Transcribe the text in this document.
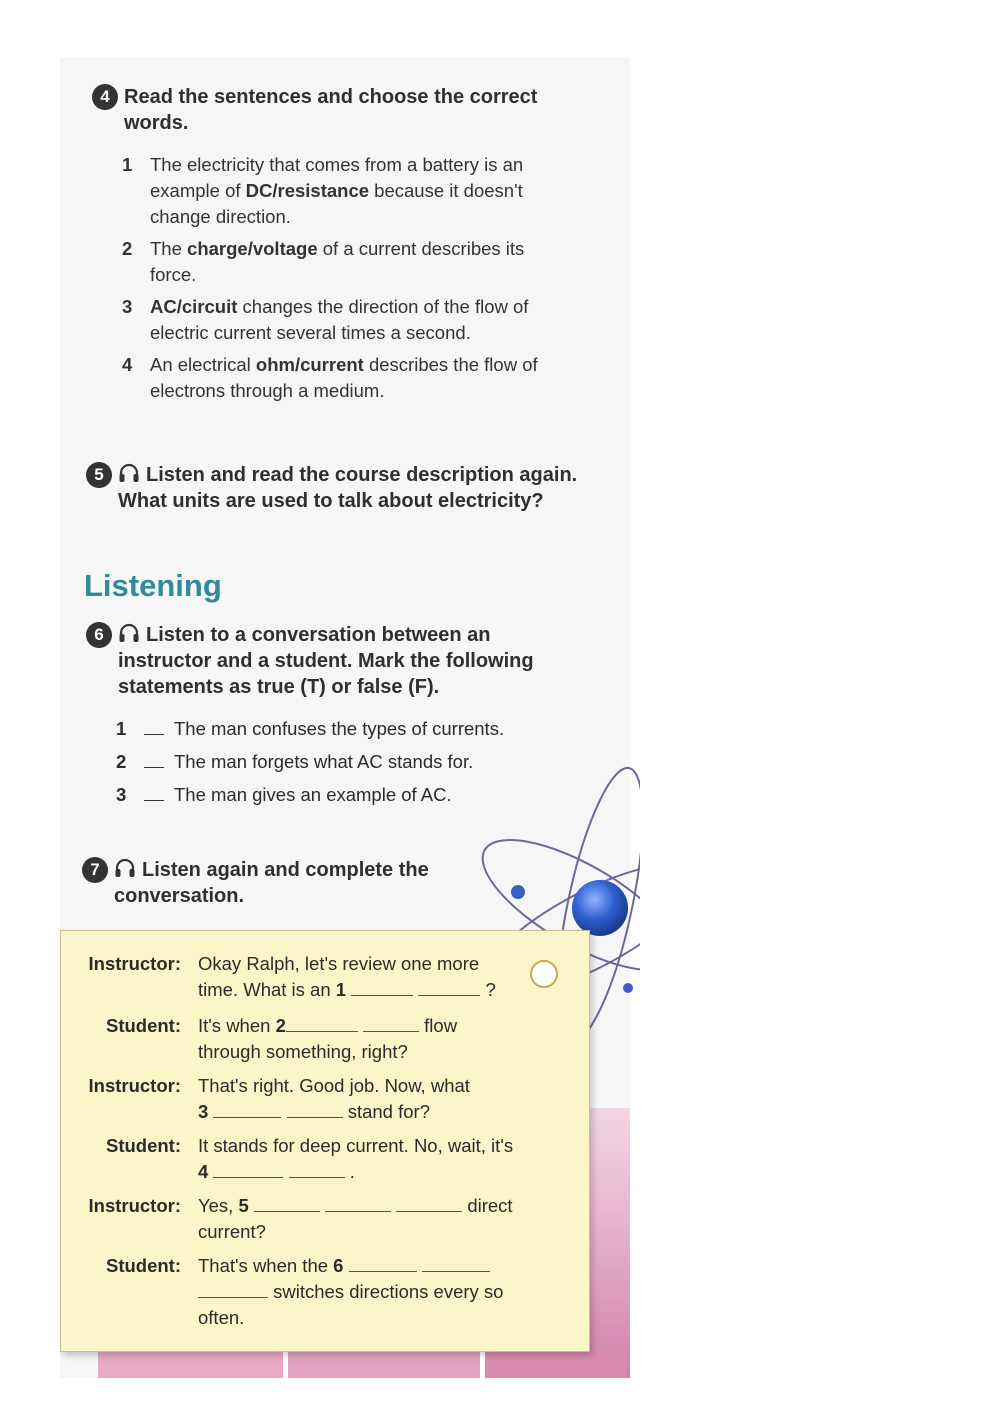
4 Read the sentences and choose the correct words.
1 The electricity that comes from a battery is an example of DC/resistance because it doesn't change direction.
2 The charge/voltage of a current describes its force.
3 AC/circuit changes the direction of the flow of electric current several times a second.
4 An electrical ohm/current describes the flow of electrons through a medium.
5	Listen and read the course description again. What units are used to talk about electricity?
Listening
6	Listen to a conversation between an instructor and a student. Mark the following statements as true (T) or false (F).
1	The man confuses the types of currents.
2	The man forgets what AC stands for.
3	The man gives an example of AC.
7	Listen again and complete the conversation.
Instructor: Okay Ralph, let's review one more
time. What is an 1	?
Student: It's when 2	flow
through something, right?
Instructor: That's right. Good job. Now, what
3	stand for?
Student: It stands for deep current. No, wait, it's
4	.
Instructor: Yes, 5	direct
current?
Student: That's when the 6
switches directions every so
often.
